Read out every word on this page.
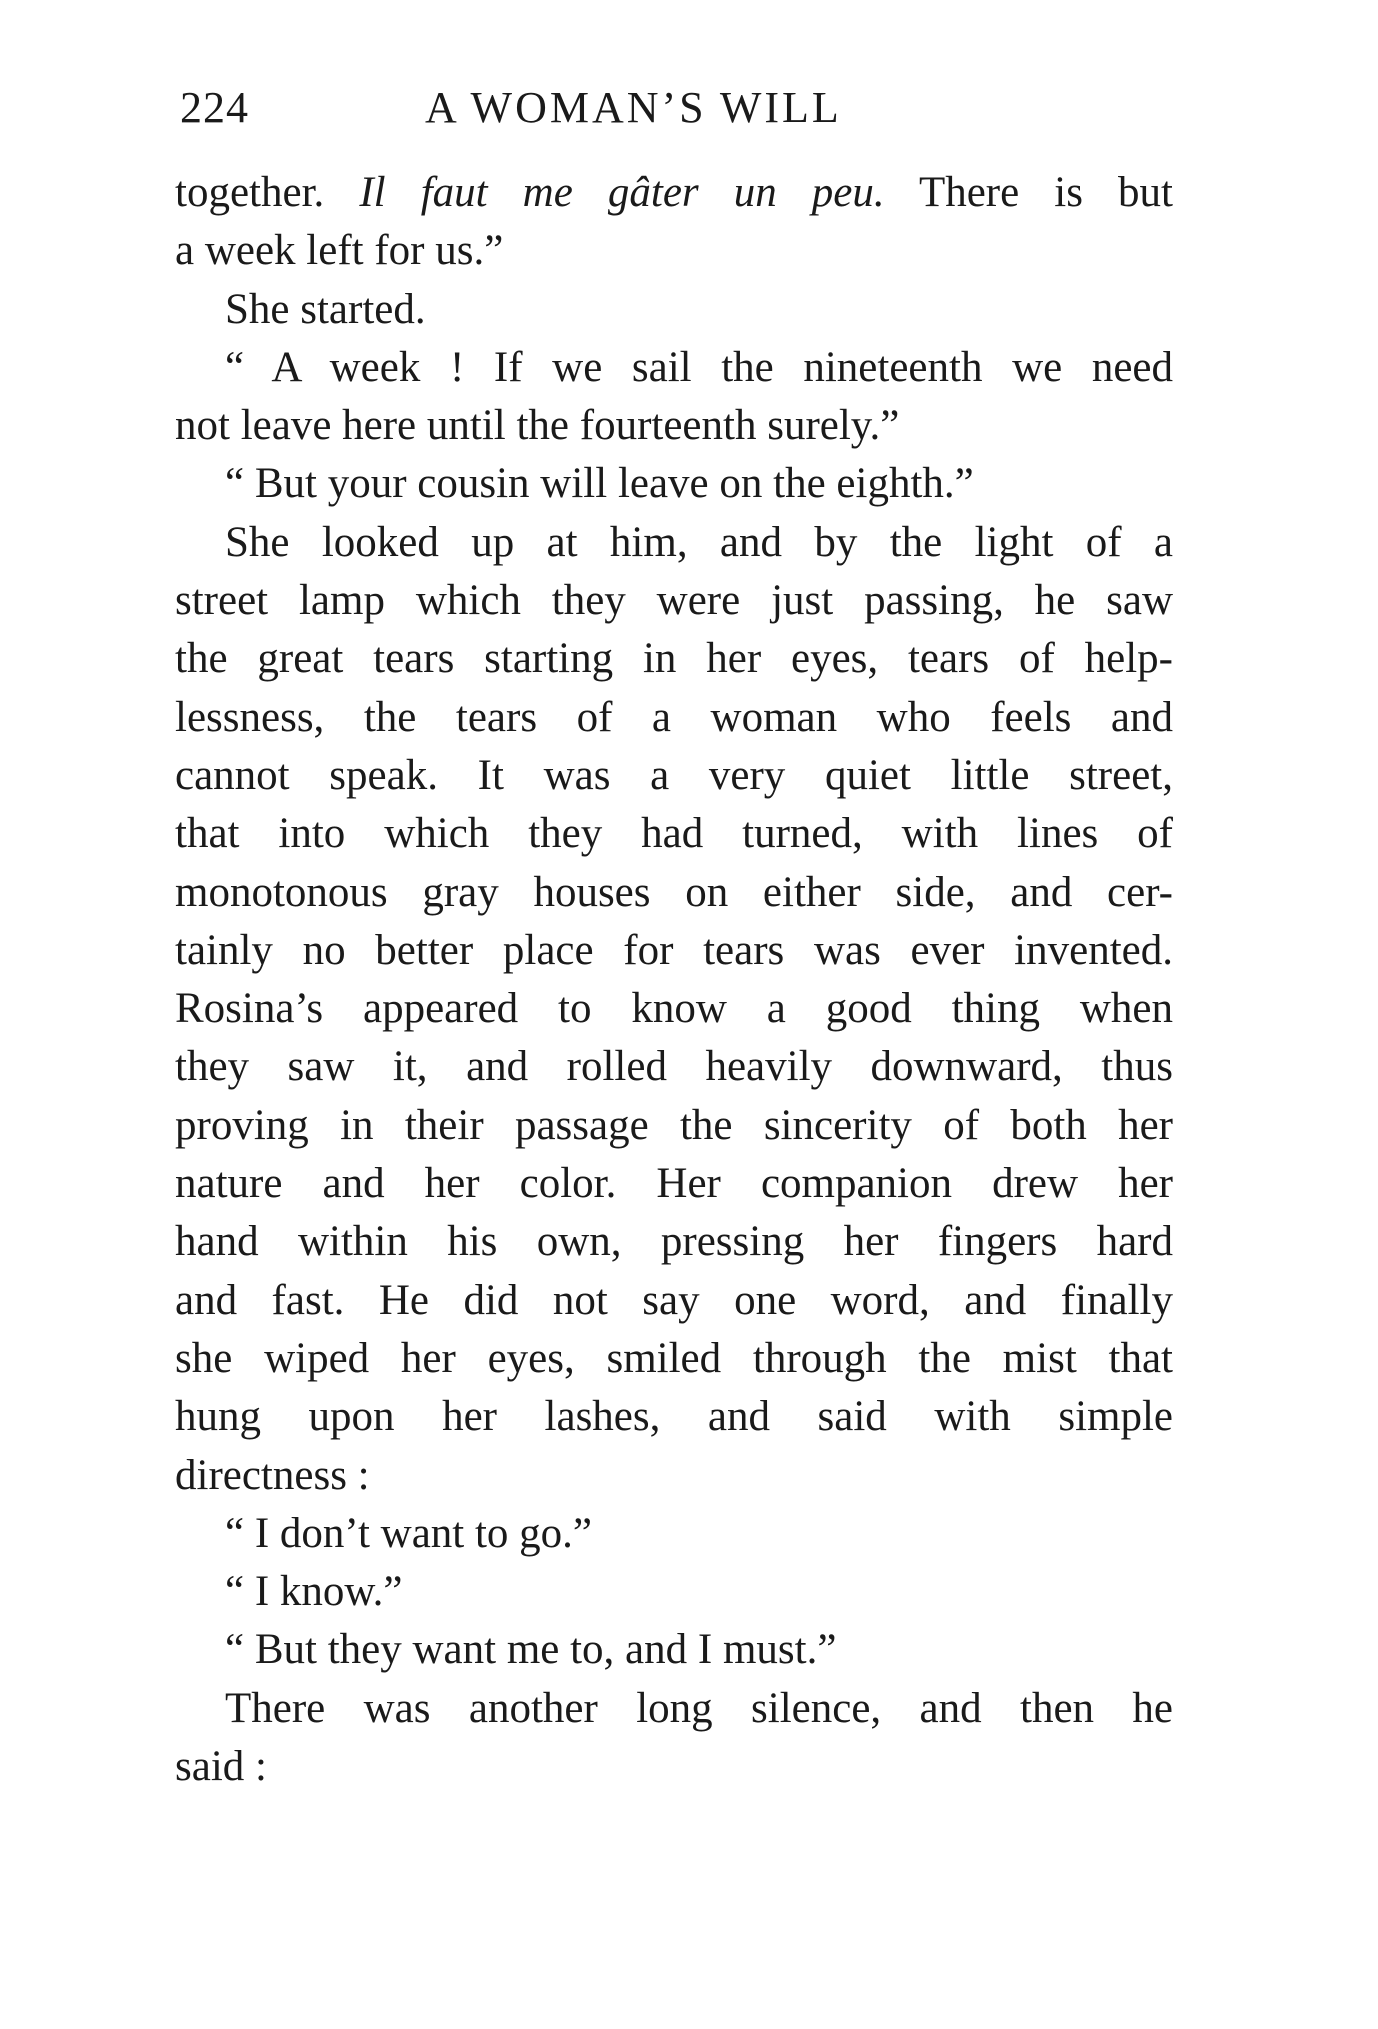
224	A WOMAN’S WILL
together. Il faut me gâter un peu. There is but
a week left for us.”
She started.
“ A week ! If we sail the nineteenth we need
not leave here until the fourteenth surely.”
“ But your cousin will leave on the eighth.”
She looked up at him, and by the light of a
street lamp which they were just passing, he saw
the great tears starting in her eyes, tears of help-
lessness, the tears of a woman who feels and
cannot speak. It was a very quiet little street,
that into which they had turned, with lines of
monotonous gray houses on either side, and cer-
tainly no better place for tears was ever invented.
Rosina’s appeared to know a good thing when
they saw it, and rolled heavily downward, thus
proving in their passage the sincerity of both her
nature and her color. Her companion drew her
hand within his own, pressing her fingers hard
and fast. He did not say one word, and finally
she wiped her eyes, smiled through the mist that
hung upon her lashes, and said with simple
directness :
“ I don’t want to go.”
“ I know.”
“ But they want me to, and I must.”
There was another long silence, and then he
said :
